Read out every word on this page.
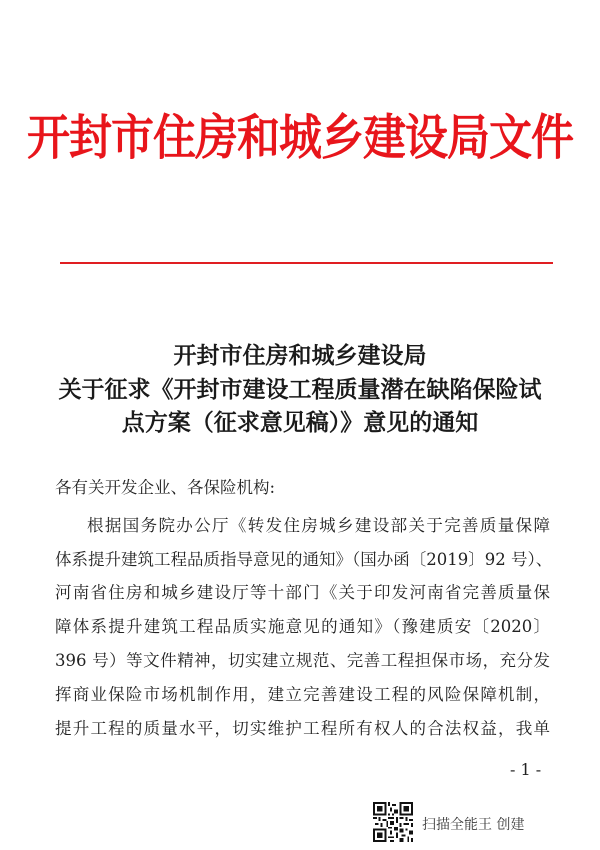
开封市住房和城乡建设局文件
开封市住房和城乡建设局
关于征求《开封市建设工程质量潜在缺陷保险试
点方案（征求意见稿）》意见的通知
各有关开发企业、各保险机构:
根据国务院办公厅《转发住房城乡建设部关于完善质量保障
体系提升建筑工程品质指导意见的通知》（国办函〔2019〕92 号）、
河南省住房和城乡建设厅等十部门《关于印发河南省完善质量保
障体系提升建筑工程品质实施意见的通知》（豫建质安〔2020〕
396 号）等文件精神，切实建立规范、完善工程担保市场，充分发
挥商业保险市场机制作用，建立完善建设工程的风险保障机制，
提升工程的质量水平，切实维护工程所有权人的合法权益，我单
- 1 -
扫描全能王 创建
